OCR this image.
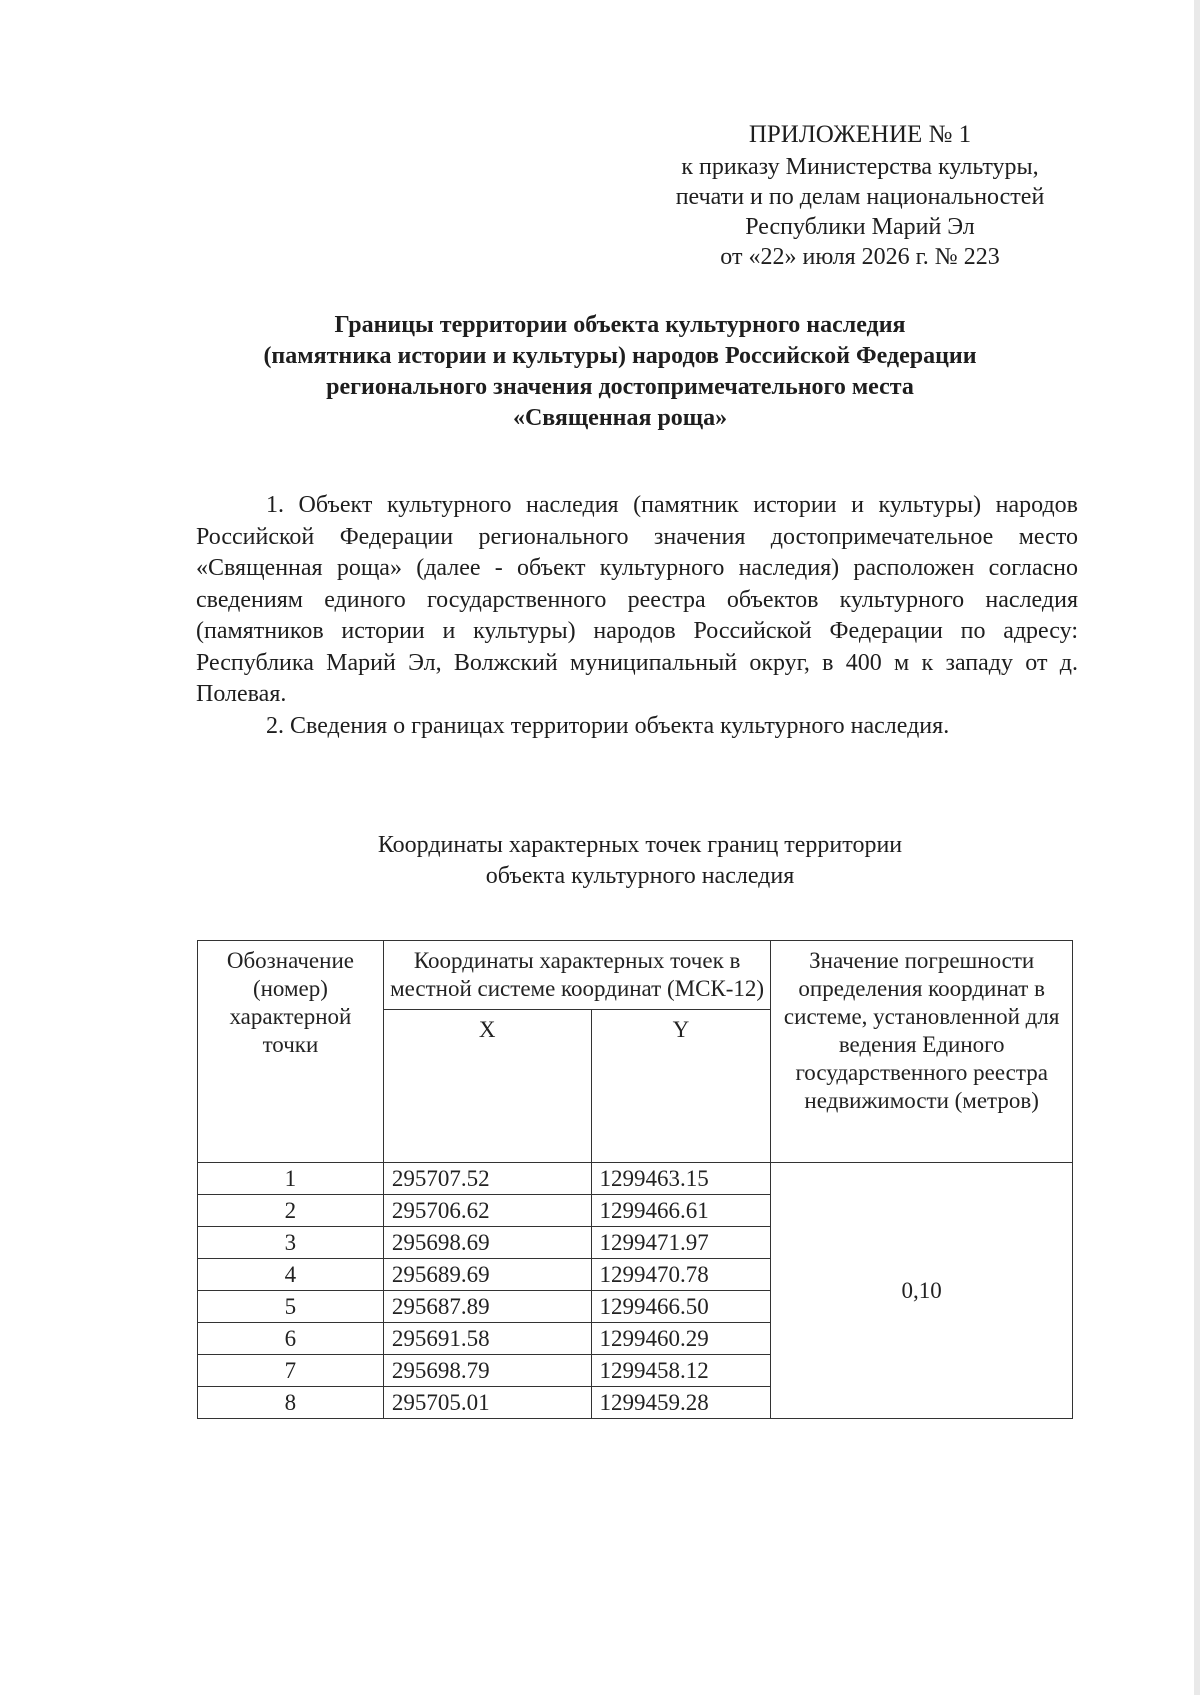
ПРИЛОЖЕНИЕ № 1
к приказу Министерства культуры,
печати и по делам национальностей
Республики Марий Эл
от «22» июля 2026 г. № 223
Границы территории объекта культурного наследия
(памятника истории и культуры) народов Российской Федерации
регионального значения достопримечательного места
«Священная роща»

1. Объект культурного наследия (памятник истории и культуры) народов Российской Федерации регионального значения достопримечательное место «Священная роща» (далее - объект культурного наследия) расположен согласно сведениям единого государственного реестра объектов культурного наследия (памятников истории и культуры) народов Российской Федерации по адресу: Республика Марий Эл, Волжский муниципальный округ, в 400 м к западу от д. Полевая.

2. Сведения о границах территории объекта культурного наследия.

Координаты характерных точек границ территории
объекта культурного наследия
Обозначение (номер) характерной точки	Координаты характерных точек в местной системе координат (МСК-12)		Значение погрешности определения координат в системе, установленной для ведения Единого государственного реестра недвижимости (метров)
	X	Y	
1	295707.52	1299463.15	0,10
2	295706.62	1299466.61	
3	295698.69	1299471.97	
4	295689.69	1299470.78	
5	295687.89	1299466.50	
6	295691.58	1299460.29	
7	295698.79	1299458.12	
8	295705.01	1299459.28	
